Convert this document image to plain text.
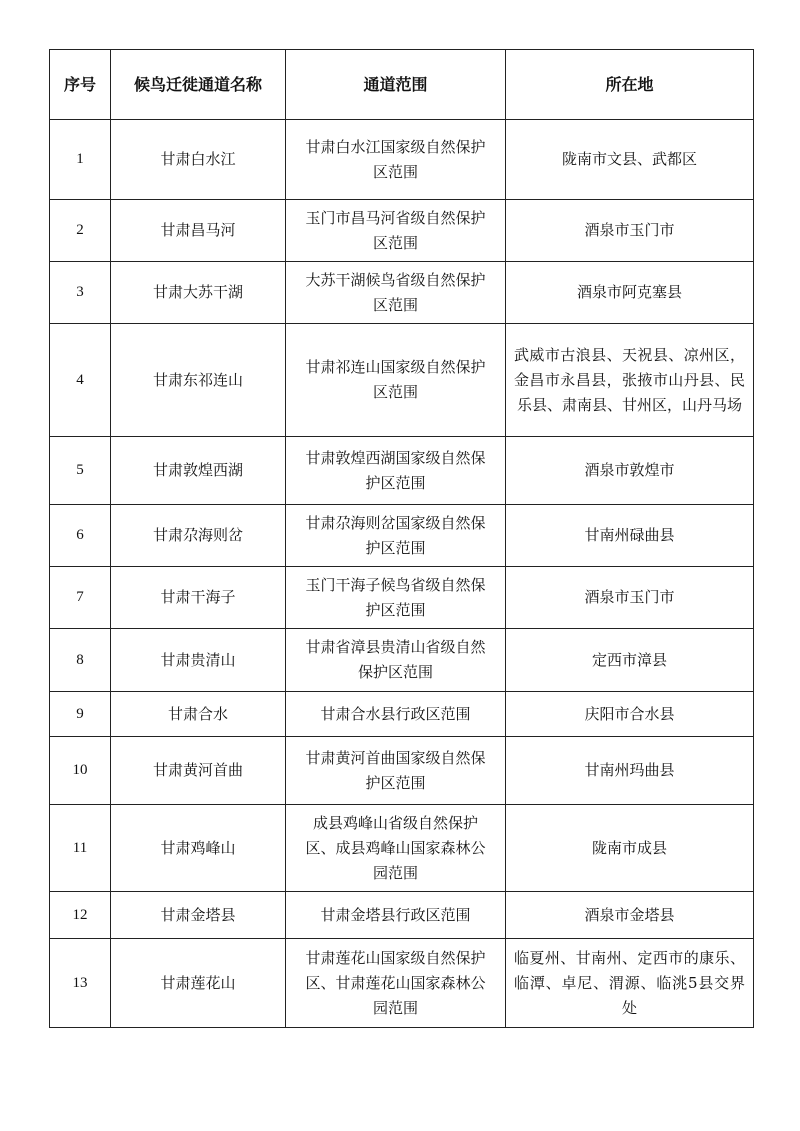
序号	候鸟迁徙通道名称	通道范围	所在地
1	甘肃白水江	甘肃白水江国家级自然保护区范围	陇南市文县、武都区
2	甘肃昌马河	玉门市昌马河省级自然保护区范围	酒泉市玉门市
3	甘肃大苏干湖	大苏干湖候鸟省级自然保护区范围	酒泉市阿克塞县
4	甘肃东祁连山	甘肃祁连山国家级自然保护区范围	武威市古浪县、天祝县、凉州区，金昌市永昌县，张掖市山丹县、民乐县、肃南县、甘州区，山丹马场
5	甘肃敦煌西湖	甘肃敦煌西湖国家级自然保护区范围	酒泉市敦煌市
6	甘肃尕海则岔	甘肃尕海则岔国家级自然保护区范围	甘南州碌曲县
7	甘肃干海子	玉门干海子候鸟省级自然保护区范围	酒泉市玉门市
8	甘肃贵清山	甘肃省漳县贵清山省级自然保护区范围	定西市漳县
9	甘肃合水	甘肃合水县行政区范围	庆阳市合水县
10	甘肃黄河首曲	甘肃黄河首曲国家级自然保护区范围	甘南州玛曲县
11	甘肃鸡峰山	成县鸡峰山省级自然保护区、成县鸡峰山国家森林公园范围	陇南市成县
12	甘肃金塔县	甘肃金塔县行政区范围	酒泉市金塔县
13	甘肃莲花山	甘肃莲花山国家级自然保护区、甘肃莲花山国家森林公园范围	临夏州、甘南州、定西市的康乐、临潭、卓尼、渭源、临洮5县交界处
